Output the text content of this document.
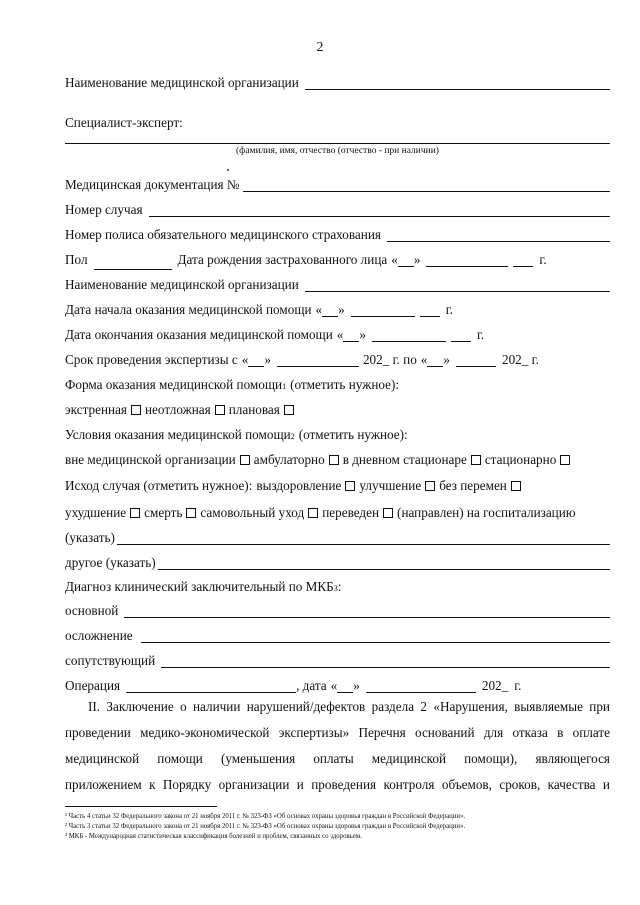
2
Наименование медицинской организации
Специалист-эксперт:
(фамилия, имя, отчество (отчество - при наличии)
Медицинская документация №
Номер случая
Номер полиса обязательного медицинского страхования
Пол	Дата рождения застрахованного лица « »	г.
Наименование медицинской организации
Дата начала оказания медицинской помощи « »	г.
Дата окончания оказания медицинской помощи « »	г.
Срок проведения экспертизы с « »	202_ г. по « »	202_ г.
Форма оказания медицинской помощи 1 (отметить нужное):
экстренная неотложная плановая
Условия оказания медицинской помощи 2 (отметить нужное):
вне медицинской организации амбулаторно в дневном стационаре стационарно
Исход случая (отметить нужное): выздоровление улучшение без перемен
ухудшение смерть самовольный уход переведен (направлен) на госпитализацию
(указать)
другое (указать)
Диагноз клинический заключительный по МКБ 3 :
основной
осложнение
сопутствующий
Операция	, дата « »	202_ г.
II. Заключение о наличии нарушений/дефектов раздела 2 «Нарушения, выявляемые при
проведении медико-экономической экспертизы» Перечня оснований для отказа в оплате
медицинской помощи (уменьшения оплаты медицинской помощи), являющегося
приложением к Порядку организации и проведения контроля объемов, сроков, качества и
¹ Часть 4 статьи 32 Федерального закона от 21 ноября 2011 г. № 323-ФЗ «Об основах охраны здоровья граждан в Российской Федерации».
² Часть 3 статьи 32 Федерального закона от 21 ноября 2011 г. № 323-ФЗ «Об основах охраны здоровья граждан в Российской Федерации».
³ МКБ - Международная статистическая классификация болезней и проблем, связанных со здоровьем.
